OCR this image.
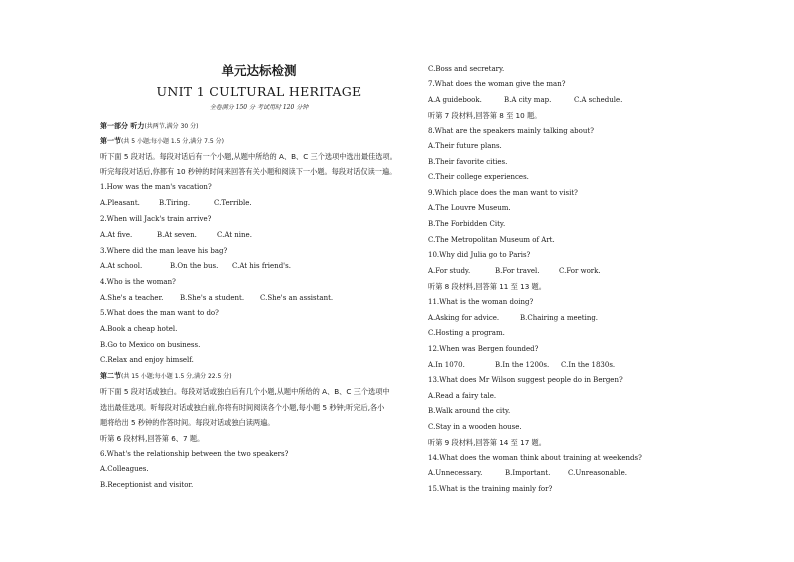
单元达标检测
UNIT 1 CULTURAL HERITAGE
全卷满分 150 分 考试用时 120 分钟
第一部分 听力(共两节,满分 30 分)
第一节(共 5 小题;每小题 1.5 分,满分 7.5 分)
听下面 5 段对话。每段对话后有一个小题,从题中所给的 A、B、C 三个选项中选出最佳选项。
听完每段对话后,你都有 10 秒钟的时间来回答有关小题和阅读下一小题。每段对话仅读一遍。
1.How was the man's vacation?
A.Pleasant.	B.Tiring.	C.Terrible.
2.When will Jack's train arrive?
A.At five.	B.At seven.	C.At nine.
3.Where did the man leave his bag?
A.At school.	B.On the bus. C.At his friend's.
4.Who is the woman?
A.She's a teacher. B.She's a student. C.She's an assistant.
5.What does the man want to do?
A.Book a cheap hotel.
B.Go to Mexico on business.
C.Relax and enjoy himself.
第二节(共 15 小题;每小题 1.5 分,满分 22.5 分)
听下面 5 段对话或独白。每段对话或独白后有几个小题,从题中所给的 A、B、C 三个选项中
选出最佳选项。听每段对话或独白前,你将有时间阅读各个小题,每小题 5 秒钟;听完后,各小
题将给出 5 秒钟的作答时间。每段对话或独白读两遍。
听第 6 段材料,回答第 6、7 题。
6.What's the relationship between the two speakers?
A.Colleagues.
B.Receptionist and visitor.
C.Boss and secretary.
7.What does the woman give the man?
A.A guidebook.	B.A city map.	C.A schedule.
听第 7 段材料,回答第 8 至 10 题。
8.What are the speakers mainly talking about?
A.Their future plans.
B.Their favorite cities.
C.Their college experiences.
9.Which place does the man want to visit?
A.The Louvre Museum.
B.The Forbidden City.
C.The Metropolitan Museum of Art.
10.Why did Julia go to Paris?
A.For study.	B.For travel.	C.For work.
听第 8 段材料,回答第 11 至 13 题。
11.What is the woman doing?
A.Asking for advice.	B.Chairing a meeting.
C.Hosting a program.
12.When was Bergen founded?
A.In 1070.	B.In the 1200s. C.In the 1830s.
13.What does Mr Wilson suggest people do in Bergen?
A.Read a fairy tale.
B.Walk around the city.
C.Stay in a wooden house.
听第 9 段材料,回答第 14 至 17 题。
14.What does the woman think about training at weekends?
A.Unnecessary.	B.Important.	C.Unreasonable.
15.What is the training mainly for?
